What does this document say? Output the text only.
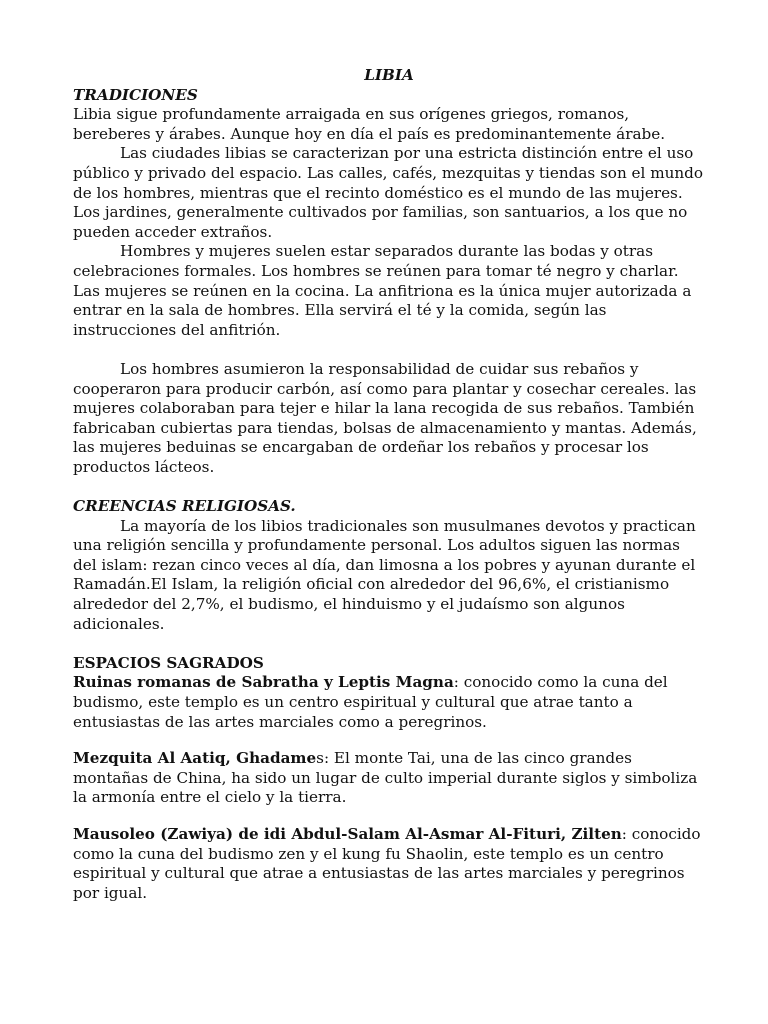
LIBIA

TRADICIONES

Libia sigue profundamente arraigada en sus orígenes griegos, romanos, bereberes y árabes. Aunque hoy en día el país es predominantemente árabe.

Las ciudades libias se caracterizan por una estricta distinción entre el uso público y privado del espacio. Las calles, cafés, mezquitas y tiendas son el mundo de los hombres, mientras que el recinto doméstico es el mundo de las mujeres. Los jardines, generalmente cultivados por familias, son santuarios, a los que no pueden acceder extraños.

Hombres y mujeres suelen estar separados durante las bodas y otras celebraciones formales. Los hombres se reúnen para tomar té negro y charlar. Las mujeres se reúnen en la cocina. La anfitriona es la única mujer autorizada a entrar en la sala de hombres. Ella servirá el té y la comida, según las instrucciones del anfitrión.

Los hombres asumieron la responsabilidad de cuidar sus rebaños y cooperaron para producir carbón, así como para plantar y cosechar cereales. las mujeres colaboraban para tejer e hilar la lana recogida de sus rebaños. También fabricaban cubiertas para tiendas, bolsas de almacenamiento y mantas. Además, las mujeres beduinas se encargaban de ordeñar los rebaños y procesar los productos lácteos.

CREENCIAS RELIGIOSAS.

La mayoría de los libios tradicionales son musulmanes devotos y practican una religión sencilla y profundamente personal. Los adultos siguen las normas del islam: rezan cinco veces al día, dan limosna a los pobres y ayunan durante el Ramadán.El Islam, la religión oficial con alrededor del 96,6%, el cristianismo alrededor del 2,7%, el budismo, el hinduismo y el judaísmo son algunos adicionales.

ESPACIOS SAGRADOS

Ruinas romanas de Sabratha y Leptis Magna: conocido como la cuna del budismo, este templo es un centro espiritual y cultural que atrae tanto a entusiastas de las artes marciales como a peregrinos.

Mezquita Al Aatiq, Ghadames: El monte Tai, una de las cinco grandes montañas de China, ha sido un lugar de culto imperial durante siglos y simboliza la armonía entre el cielo y la tierra.

Mausoleo (Zawiya) de idi Abdul-Salam Al-Asmar Al-Fituri, Zilten: conocido como la cuna del budismo zen y el kung fu Shaolin, este templo es un centro espiritual y cultural que atrae a entusiastas de las artes marciales y peregrinos por igual.
